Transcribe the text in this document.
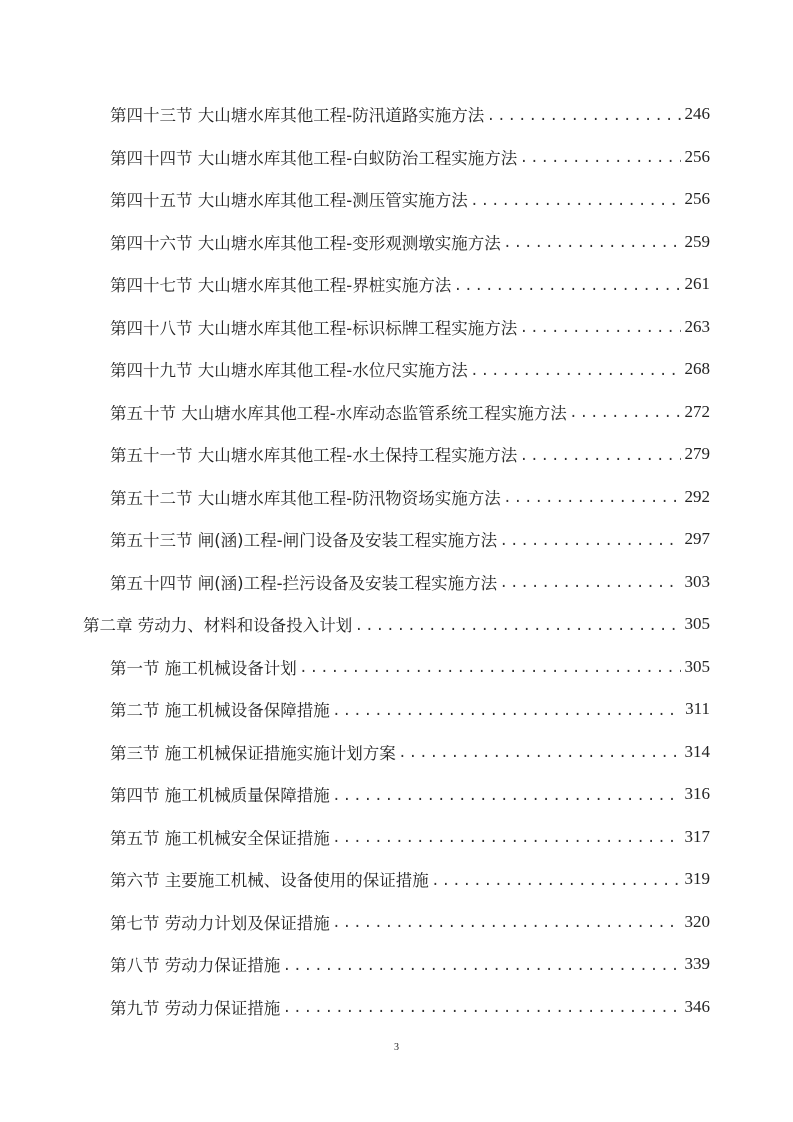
第四十三节 大山塘水库其他工程-防汛道路实施方法 . . .	246
第四十四节 大山塘水库其他工程-白蚁防治工程实施方法 . . .	256
第四十五节 大山塘水库其他工程-测压管实施方法 . . .	256
第四十六节 大山塘水库其他工程-变形观测墩实施方法 . . .	259
第四十七节 大山塘水库其他工程-界桩实施方法 . . .	261
第四十八节 大山塘水库其他工程-标识标牌工程实施方法 . . .	263
第四十九节 大山塘水库其他工程-水位尺实施方法 . . .	268
第五十节 大山塘水库其他工程-水库动态监管系统工程实施方法 . . .	272
第五十一节 大山塘水库其他工程-水土保持工程实施方法 . . .	279
第五十二节 大山塘水库其他工程-防汛物资场实施方法 . . .	292
第五十三节 闸(涵)工程-闸门设备及安装工程实施方法 . . .	297
第五十四节 闸(涵)工程-拦污设备及安装工程实施方法 . . .	303
第二章 劳动力、材料和设备投入计划 . . .	305
第一节 施工机械设备计划 . . .	305
第二节 施工机械设备保障措施 . . .	311
第三节 施工机械保证措施实施计划方案 . . .	314
第四节 施工机械质量保障措施 . . .	316
第五节 施工机械安全保证措施 . . .	317
第六节 主要施工机械、设备使用的保证措施 . . .	319
第七节 劳动力计划及保证措施 . . .	320
第八节 劳动力保证措施 . . .	339
第九节 劳动力保证措施 . . .	346
3
